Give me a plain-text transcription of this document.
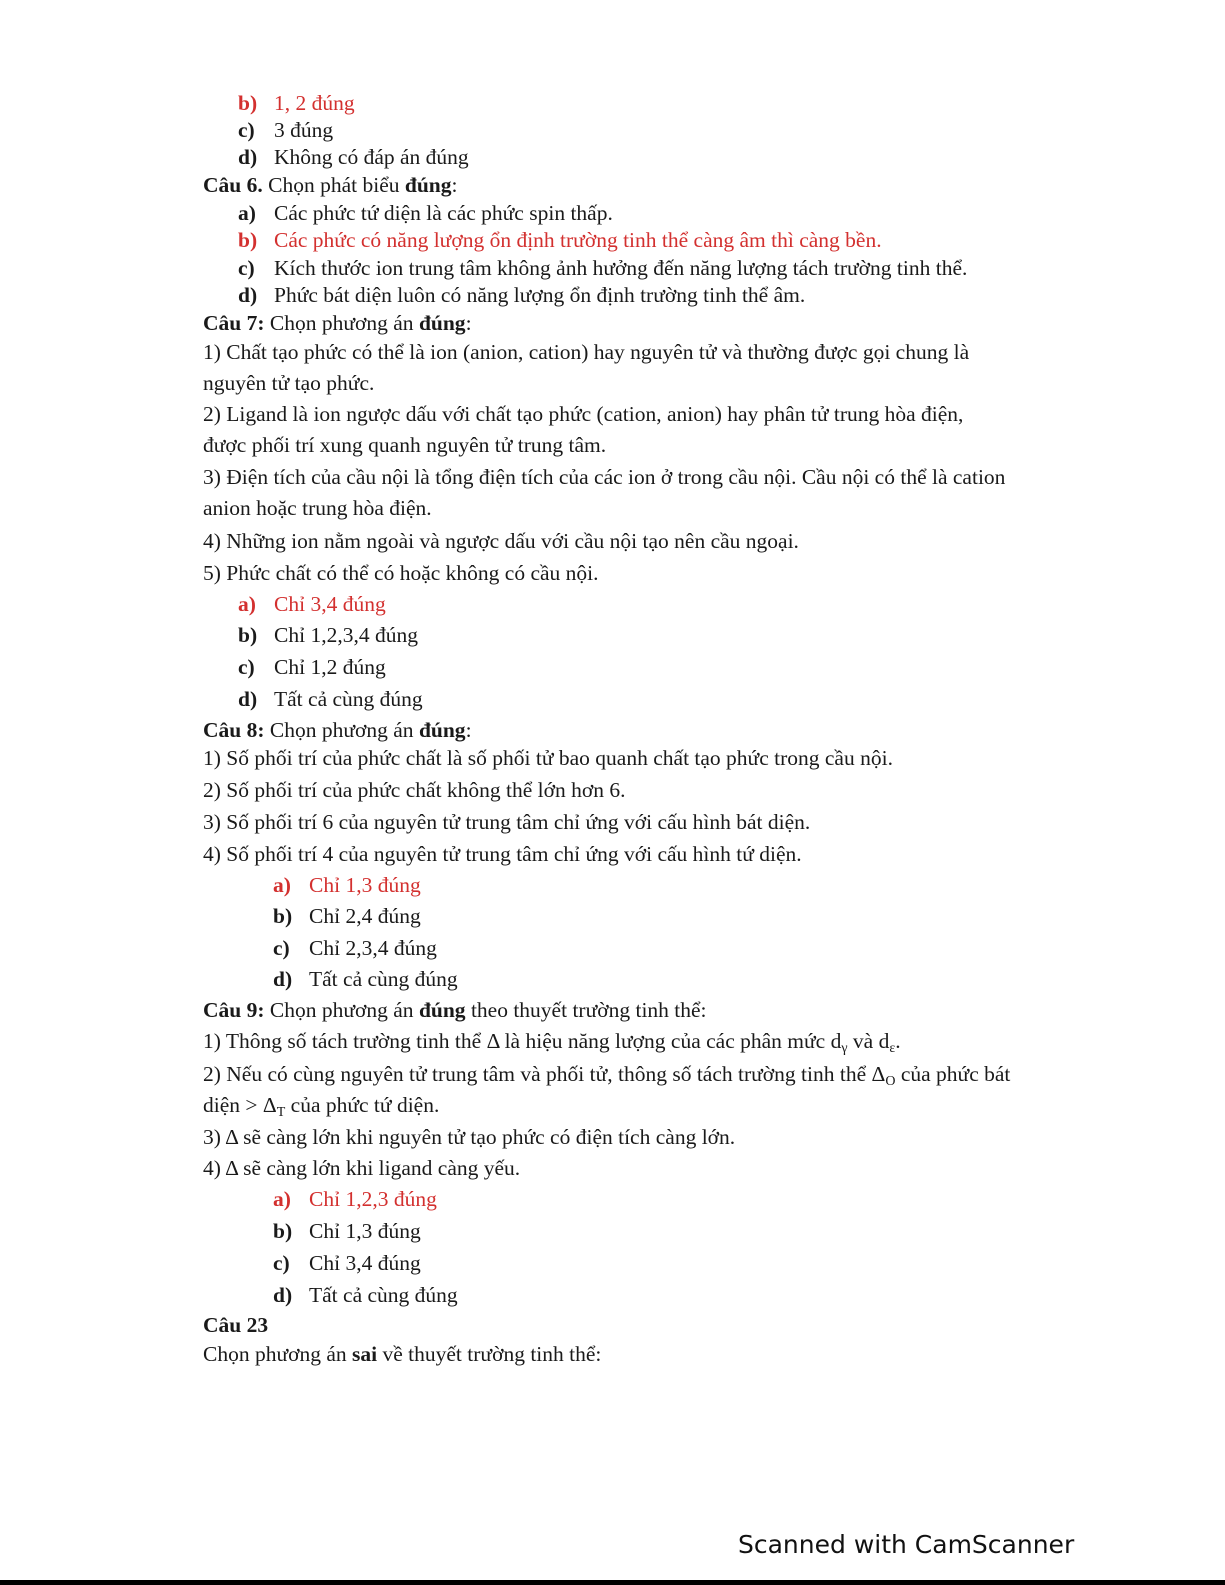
b) 1, 2 đúng
c) 3 đúng
d) Không có đáp án đúng
Câu 6. Chọn phát biểu đúng:
a) Các phức tứ diện là các phức spin thấp.
b) Các phức có năng lượng ổn định trường tinh thể càng âm thì càng bền.
c) Kích thước ion trung tâm không ảnh hưởng đến năng lượng tách trường tinh thể.
d) Phức bát diện luôn có năng lượng ổn định trường tinh thể âm.
Câu 7: Chọn phương án đúng:
1) Chất tạo phức có thể là ion (anion, cation) hay nguyên tử và thường được gọi chung là
nguyên tử tạo phức.
2) Ligand là ion ngược dấu với chất tạo phức (cation, anion) hay phân tử trung hòa điện,
được phối trí xung quanh nguyên tử trung tâm.
3) Điện tích của cầu nội là tổng điện tích của các ion ở trong cầu nội. Cầu nội có thể là cation
anion hoặc trung hòa điện.
4) Những ion nằm ngoài và ngược dấu với cầu nội tạo nên cầu ngoại.
5) Phức chất có thể có hoặc không có cầu nội.
a) Chỉ 3,4 đúng
b) Chỉ 1,2,3,4 đúng
c) Chỉ 1,2 đúng
d) Tất cả cùng đúng
Câu 8: Chọn phương án đúng:
1) Số phối trí của phức chất là số phối tử bao quanh chất tạo phức trong cầu nội.
2) Số phối trí của phức chất không thể lớn hơn 6.
3) Số phối trí 6 của nguyên tử trung tâm chỉ ứng với cấu hình bát diện.
4) Số phối trí 4 của nguyên tử trung tâm chỉ ứng với cấu hình tứ diện.
a) Chỉ 1,3 đúng
b) Chỉ 2,4 đúng
c) Chỉ 2,3,4 đúng
d) Tất cả cùng đúng
Câu 9: Chọn phương án đúng theo thuyết trường tinh thể:
1) Thông số tách trường tinh thể Δ là hiệu năng lượng của các phân mức $d_\gamma$ và $d_\varepsilon$.
2) Nếu có cùng nguyên tử trung tâm và phối tử, thông số tách trường tinh thể $\Delta_O$ của phức bát
diện > $\Delta_T$ của phức tứ diện.
3) Δ sẽ càng lớn khi nguyên tử tạo phức có điện tích càng lớn.
4) Δ sẽ càng lớn khi ligand càng yếu.
a) Chỉ 1,2,3 đúng
b) Chỉ 1,3 đúng
c) Chỉ 3,4 đúng
d) Tất cả cùng đúng
Câu 23
Chọn phương án sai về thuyết trường tinh thể:
Scanned with CamScanner
